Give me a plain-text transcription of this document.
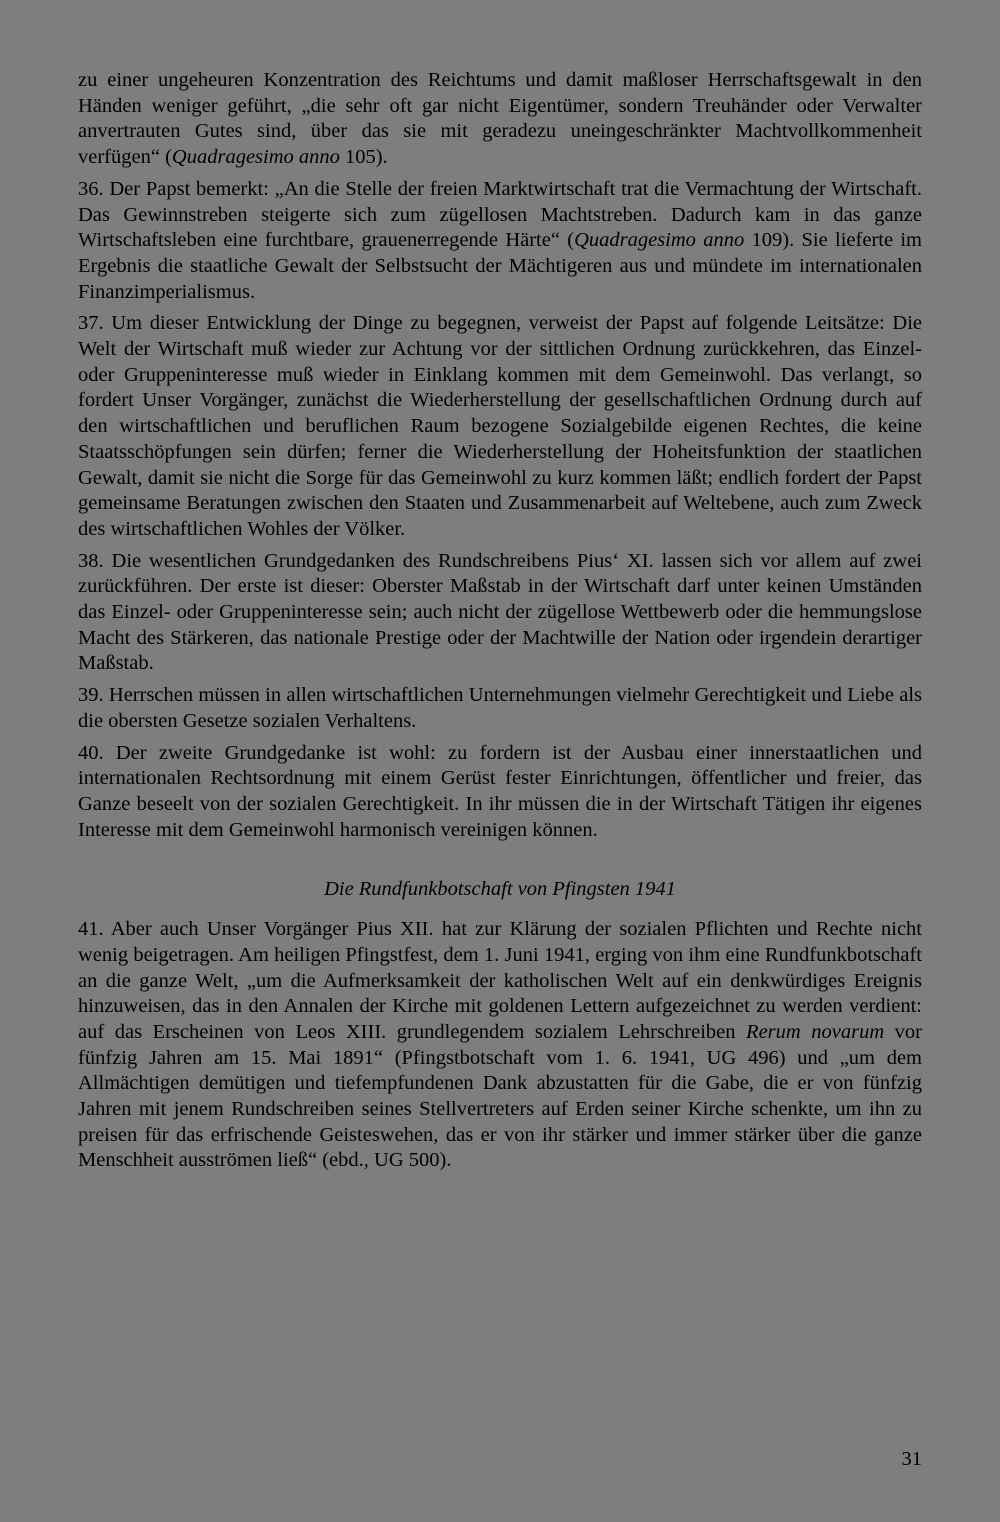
zu einer ungeheuren Konzentration des Reichtums und damit maßloser Herrschaftsgewalt in den Händen weniger geführt, „die sehr oft gar nicht Eigentümer, sondern Treuhänder oder Verwalter anvertrauten Gutes sind, über das sie mit geradezu uneingeschränkter Machtvollkommenheit verfügen“ (Quadragesimo anno 105).

36. Der Papst bemerkt: „An die Stelle der freien Marktwirtschaft trat die Vermachtung der Wirtschaft. Das Gewinnstreben steigerte sich zum zügellosen Machtstreben. Dadurch kam in das ganze Wirtschaftsleben eine furchtbare, grauenerregende Härte“ (Quadragesimo anno 109). Sie lieferte im Ergebnis die staatliche Gewalt der Selbstsucht der Mächtigeren aus und mündete im internationalen Finanzimperialismus.

37. Um dieser Entwicklung der Dinge zu begegnen, verweist der Papst auf folgende Leitsätze: Die Welt der Wirtschaft muß wieder zur Achtung vor der sittlichen Ordnung zurückkehren, das Einzel- oder Gruppeninteresse muß wieder in Einklang kommen mit dem Gemeinwohl. Das verlangt, so fordert Unser Vorgänger, zunächst die Wiederherstellung der gesellschaftlichen Ordnung durch auf den wirtschaftlichen und beruflichen Raum bezogene Sozialgebilde eigenen Rechtes, die keine Staatsschöpfungen sein dürfen; ferner die Wiederherstellung der Hoheitsfunktion der staatlichen Gewalt, damit sie nicht die Sorge für das Gemeinwohl zu kurz kommen läßt; endlich fordert der Papst gemeinsame Beratungen zwischen den Staaten und Zusammenarbeit auf Weltebene, auch zum Zweck des wirtschaftlichen Wohles der Völker.

38. Die wesentlichen Grundgedanken des Rundschreibens Pius‘ XI. lassen sich vor allem auf zwei zurückführen. Der erste ist dieser: Oberster Maßstab in der Wirtschaft darf unter keinen Umständen das Einzel- oder Gruppeninteresse sein; auch nicht der zügellose Wettbewerb oder die hemmungslose Macht des Stärkeren, das nationale Prestige oder der Machtwille der Nation oder irgendein derartiger Maßstab.

39. Herrschen müssen in allen wirtschaftlichen Unternehmungen vielmehr Gerechtigkeit und Liebe als die obersten Gesetze sozialen Verhaltens.

40. Der zweite Grundgedanke ist wohl: zu fordern ist der Ausbau einer innerstaatlichen und internationalen Rechtsordnung mit einem Gerüst fester Einrichtungen, öffentlicher und freier, das Ganze beseelt von der sozialen Gerechtigkeit. In ihr müssen die in der Wirtschaft Tätigen ihr eigenes Interesse mit dem Gemeinwohl harmonisch vereinigen können.

Die Rundfunkbotschaft von Pfingsten 1941

41. Aber auch Unser Vorgänger Pius XII. hat zur Klärung der sozialen Pflichten und Rechte nicht wenig beigetragen. Am heiligen Pfingstfest, dem 1. Juni 1941, erging von ihm eine Rundfunkbotschaft an die ganze Welt, „um die Aufmerksamkeit der katholischen Welt auf ein denkwürdiges Ereignis hinzuweisen, das in den Annalen der Kirche mit goldenen Lettern aufgezeichnet zu werden verdient: auf das Erscheinen von Leos XIII. grundlegendem sozialem Lehrschreiben Rerum novarum vor fünfzig Jahren am 15. Mai 1891“ (Pfingstbotschaft vom 1. 6. 1941, UG 496) und „um dem Allmächtigen demütigen und tiefempfundenen Dank abzustatten für die Gabe, die er von fünfzig Jahren mit jenem Rundschreiben seines Stellvertreters auf Erden seiner Kirche schenkte, um ihn zu preisen für das erfrischende Geisteswehen, das er von ihr stärker und immer stärker über die ganze Menschheit ausströmen ließ“ (ebd., UG 500).

31
